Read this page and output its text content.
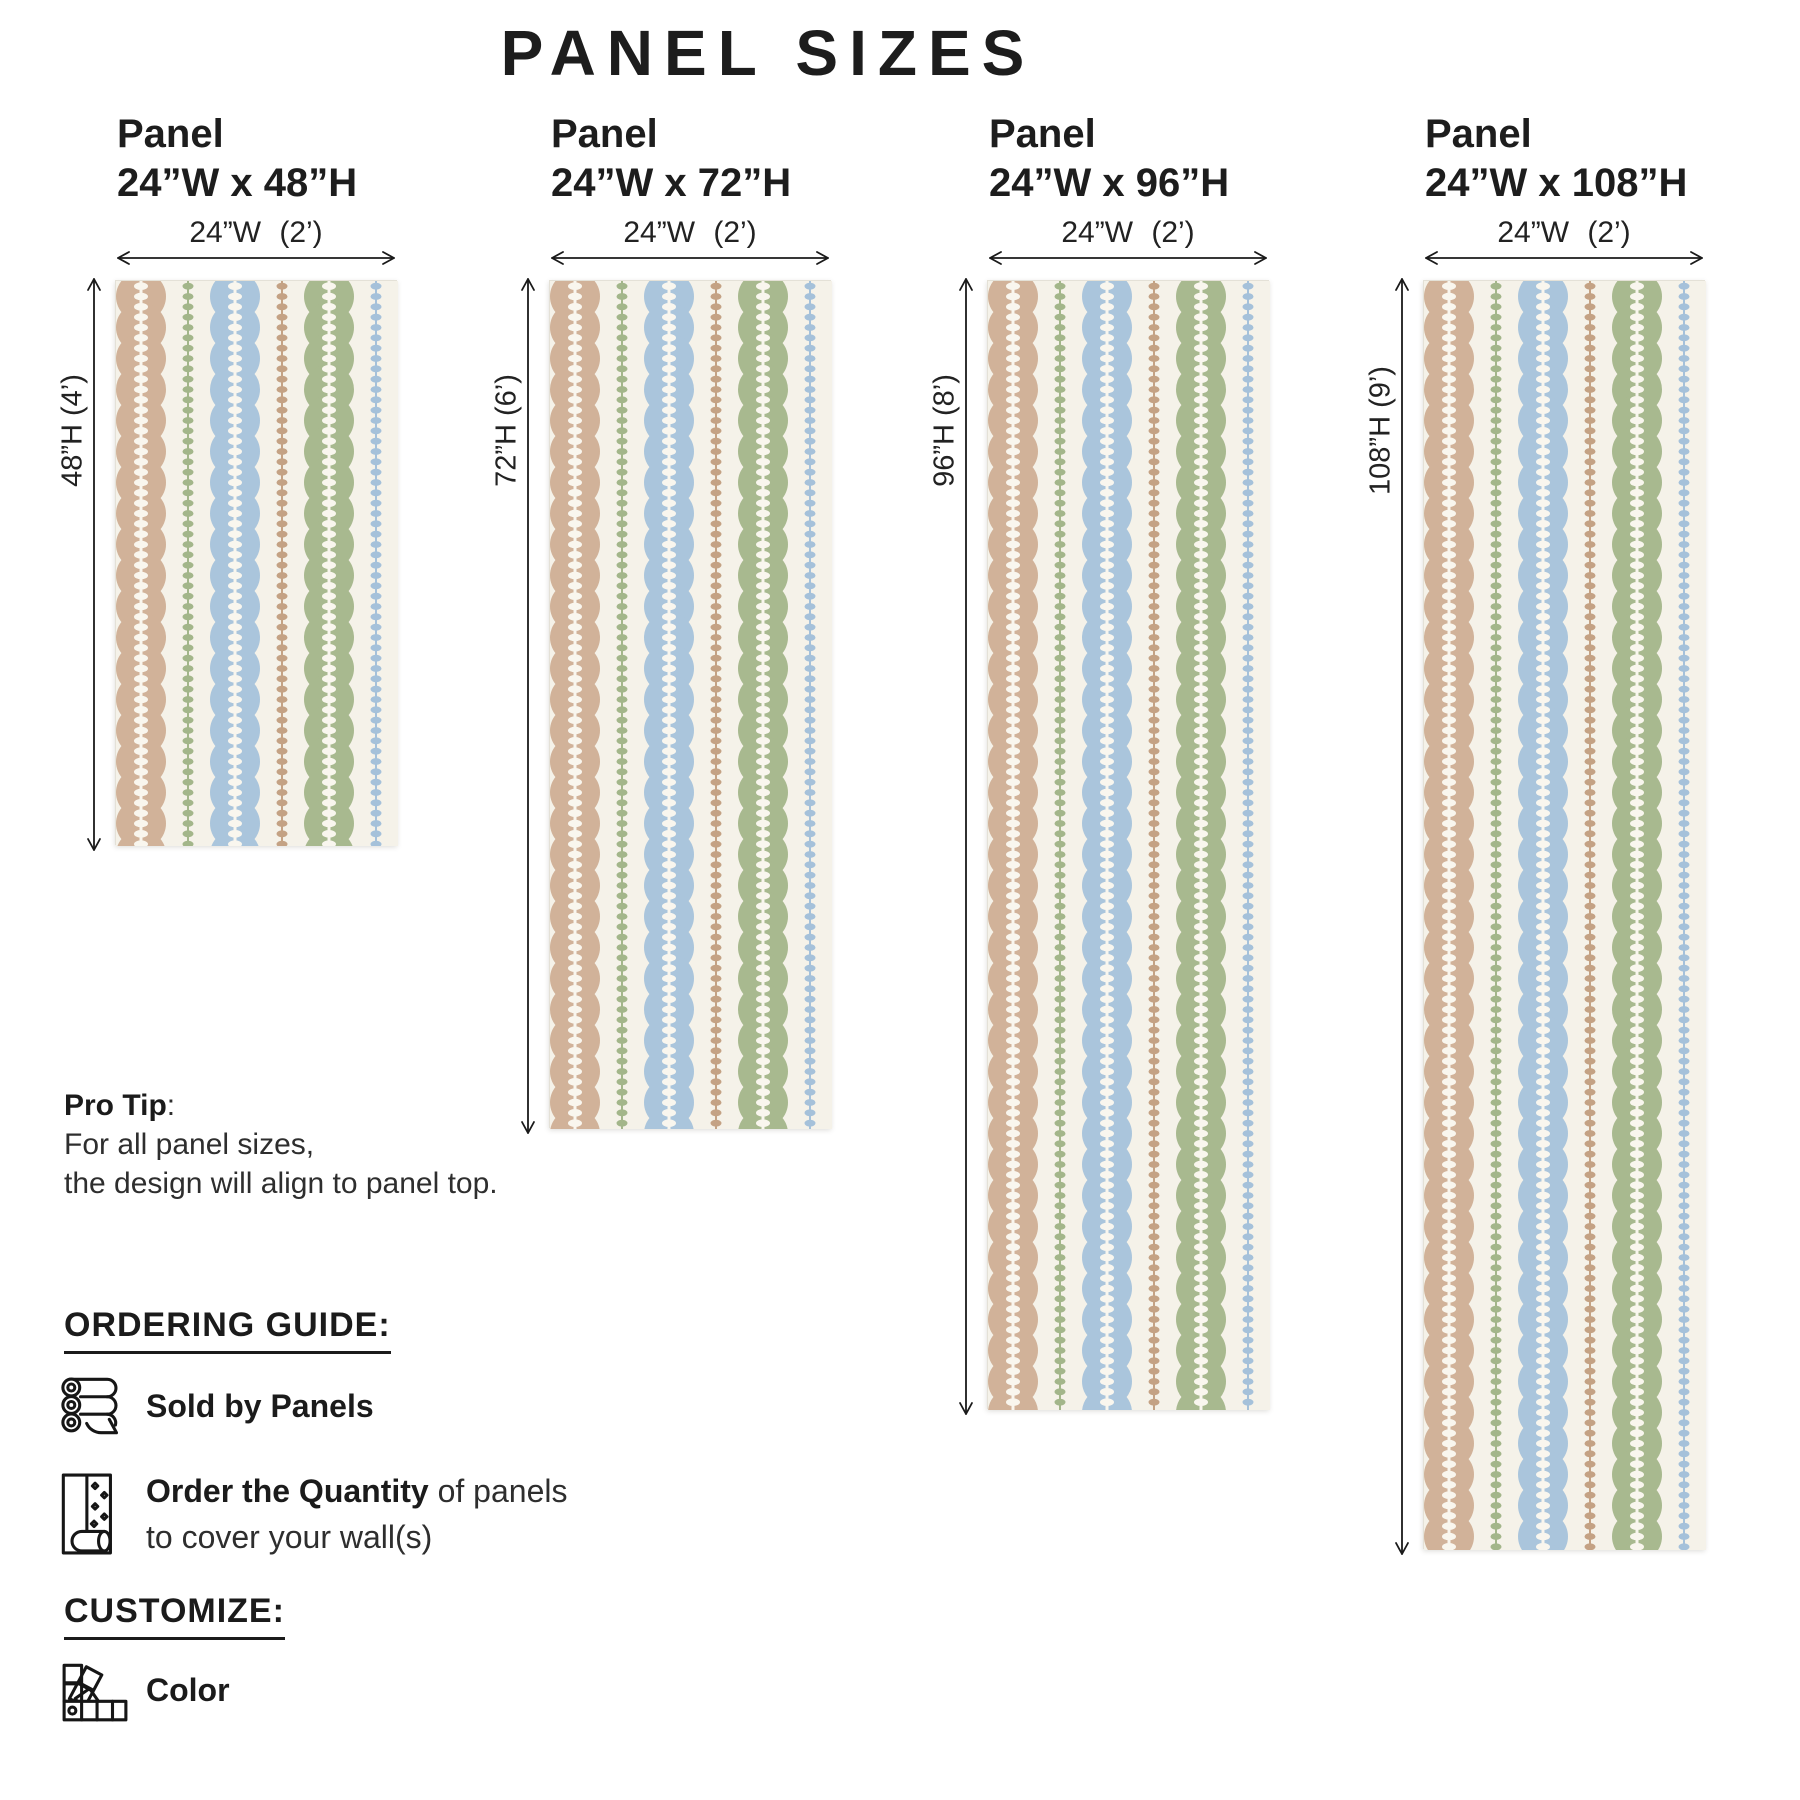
PANEL SIZES
Panel
24”W x 48”H
24”W (2’)
48”H (4’)
Panel
24”W x 72”H
24”W (2’)
72”H (6’)
Panel
24”W x 96”H
24”W (2’)
96”H (8’)
Panel
24”W x 108”H
24”W (2’)
108”H (9’)
Pro Tip:
For all panel sizes,
the design will align to panel top.
ORDERING GUIDE:
Sold by Panels
Order the Quantity of panels
to cover your wall(s)
CUSTOMIZE:
Color
